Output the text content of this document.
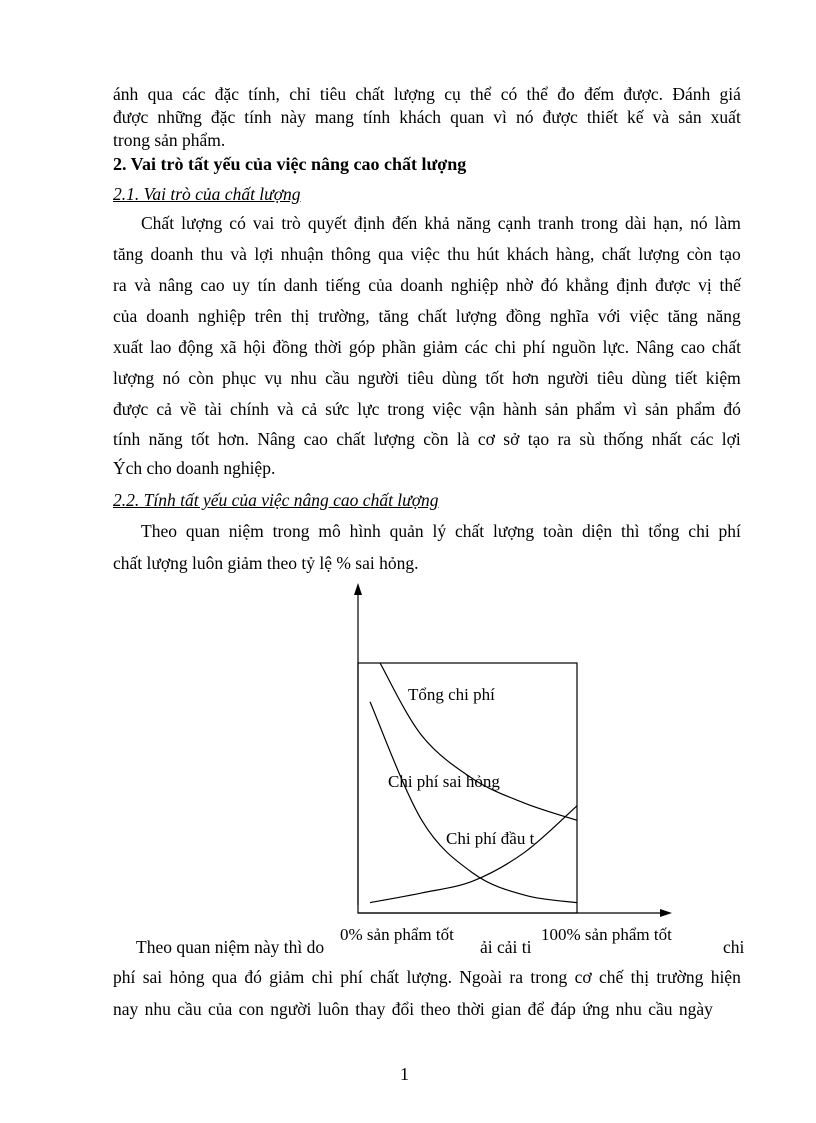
ánh qua các đặc tính, chỉ tiêu chất lượng cụ thể có thể đo đếm được. Đánh giá
được những đặc tính này mang tính khách quan vì nó được thiết kế và sản xuất
trong sản phẩm.
2. Vai trò tất yếu của việc nâng cao chất lượng
2.1. Vai trò của chất lượng
Chất lượng có vai trò quyết định đến khả năng cạnh tranh trong dài hạn, nó làm
tăng doanh thu và lợi nhuận thông qua việc thu hút khách hàng, chất lượng còn tạo
ra và nâng cao uy tín danh tiếng của doanh nghiệp nhờ đó khẳng định được vị thế
của doanh nghiệp trên thị trường, tăng chất lượng đồng nghĩa với việc tăng năng
xuất lao động xã hội đồng thời góp phần giảm các chi phí nguồn lực. Nâng cao chất
lượng nó còn phục vụ nhu cầu người tiêu dùng tốt hơn người tiêu dùng tiết kiệm
được cả về tài chính và cả sức lực trong việc vận hành sản phẩm vì sản phẩm đó
tính năng tốt hơn. Nâng cao chất lượng cồn là cơ sở tạo ra sù thống nhất các lợi
Ých cho doanh nghiệp.
2.2. Tính tất yếu của việc nâng cao chất lượng
Theo quan niệm trong mô hình quản lý chất lượng toàn diện thì tổng chi phí
chất lượng luôn giảm theo tỷ lệ % sai hỏng.
Tổng chi phí
Chi phí sai hỏng
Chi phí đầu t
0% sản phẩm tốt	100% sản phẩm tốt
Theo quan niệm này thì do	ải cải ti	chi
phí sai hỏng qua đó giảm chi phí chất lượng. Ngoài ra trong cơ chế thị trường hiện
nay nhu cầu của con người luôn thay đổi theo thời gian để đáp ứng nhu cầu ngày
1
